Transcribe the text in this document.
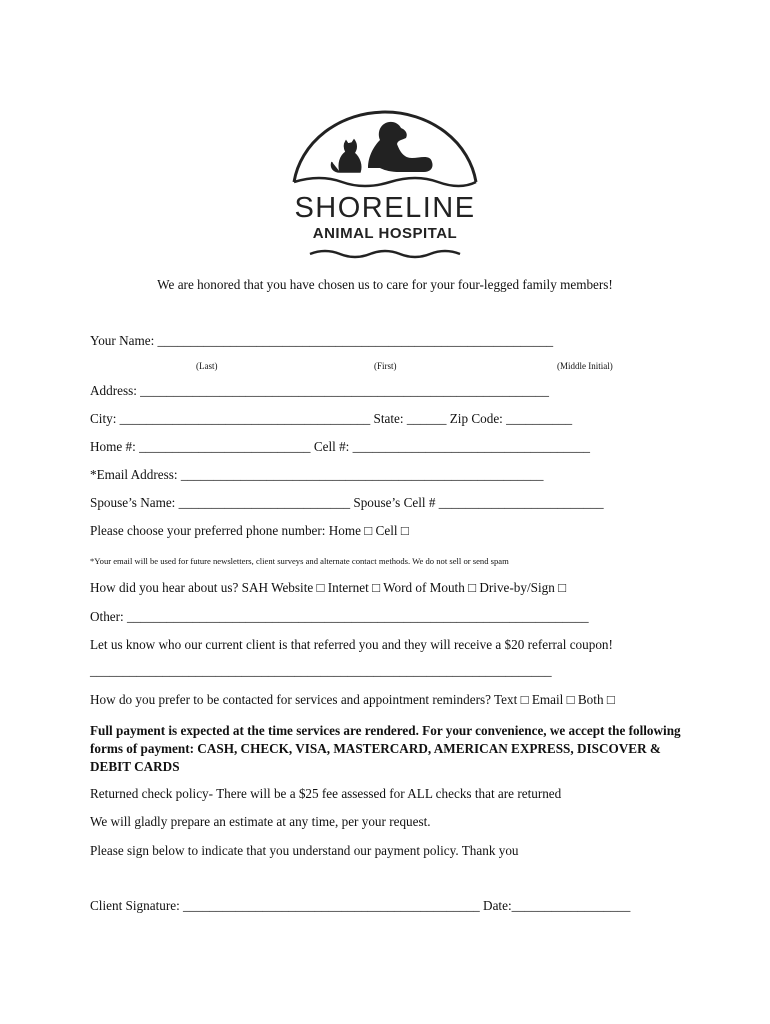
SHORELINE
ANIMAL HOSPITAL
We are honored that you have chosen us to care for your four-legged family members!
Your Name: ____________________________________________________________
(Last)	(First)	(Middle Initial)
Address: ______________________________________________________________
City: ______________________________________ State: ______ Zip Code: __________
Home #: __________________________ Cell #: ____________________________________
*Email Address: _______________________________________________________
Spouse’s Name: __________________________ Spouse’s Cell # _________________________
Please choose your preferred phone number: Home □ Cell □
*Your email will be used for future newsletters, client surveys and alternate contact methods. We do not sell or send spam
How did you hear about us? SAH Website □ Internet □ Word of Mouth □ Drive-by/Sign □
Other: ______________________________________________________________________
Let us know who our current client is that referred you and they will receive a $20 referral coupon!
______________________________________________________________________
How do you prefer to be contacted for services and appointment reminders? Text □ Email □ Both □
Full payment is expected at the time services are rendered. For your convenience, we accept the following forms of payment: CASH, CHECK, VISA, MASTERCARD, AMERICAN EXPRESS, DISCOVER & DEBIT CARDS
Returned check policy- There will be a $25 fee assessed for ALL checks that are returned
We will gladly prepare an estimate at any time, per your request.
Please sign below to indicate that you understand our payment policy. Thank you
Client Signature: _____________________________________________ Date:__________________
